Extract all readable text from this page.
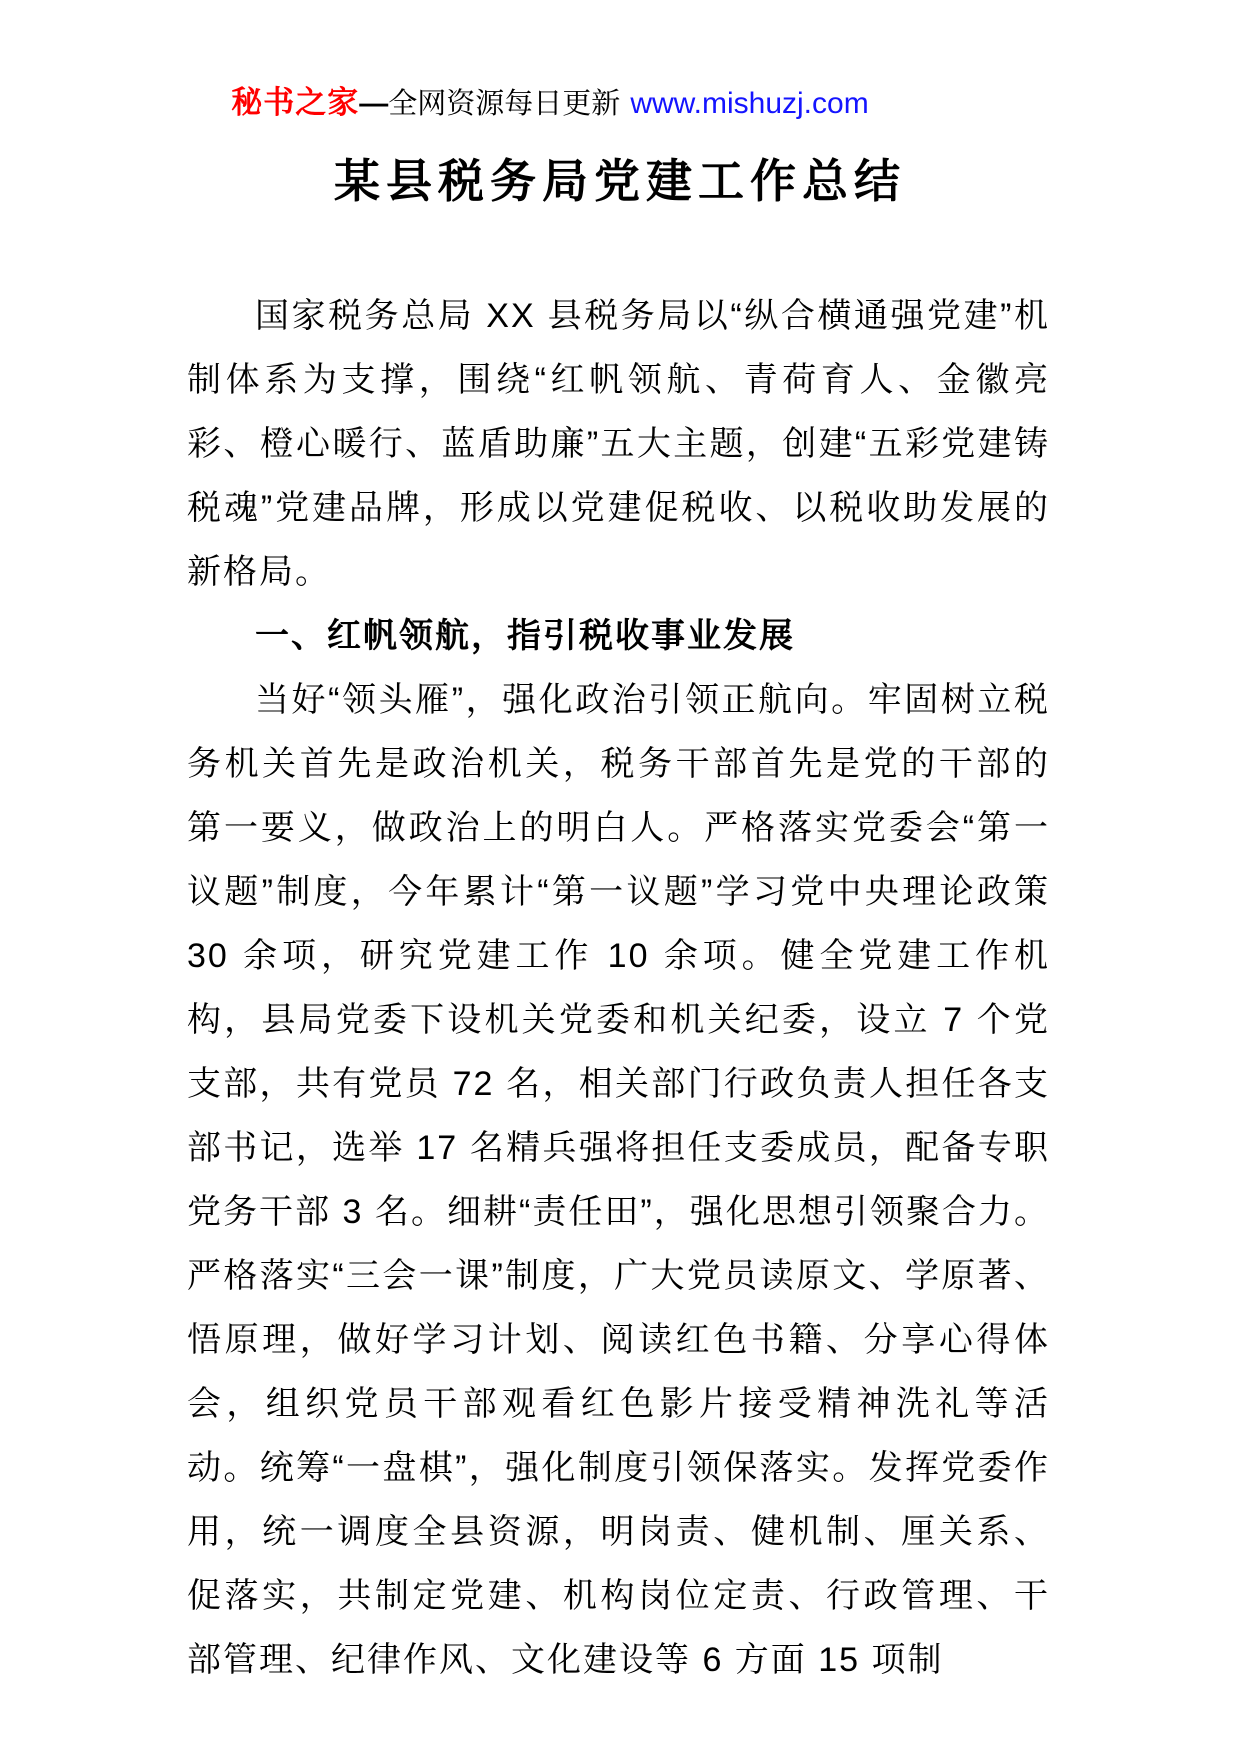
秘书之家—全网资源每日更新 www.mishuzj.com
某县税务局党建工作总结

国家税务总局 XX 县税务局以“纵合横通强党建”机制体系为支撑，围绕“红帆领航、青荷育人、金徽亮彩、橙心暖行、蓝盾助廉”五大主题，创建“五彩党建铸税魂”党建品牌，形成以党建促税收、以税收助发展的新格局。

一、红帆领航，指引税收事业发展

当好“领头雁”，强化政治引领正航向。牢固树立税务机关首先是政治机关，税务干部首先是党的干部的第一要义，做政治上的明白人。严格落实党委会“第一议题”制度，今年累计“第一议题”学习党中央理论政策 30 余项，研究党建工作 10 余项。健全党建工作机构，县局党委下设机关党委和机关纪委，设立 7 个党支部，共有党员 72 名，相关部门行政负责人担任各支部书记，选举 17 名精兵强将担任支委成员，配备专职党务干部 3 名。细耕“责任田”，强化思想引领聚合力。严格落实“三会一课”制度，广大党员读原文、学原著、悟原理，做好学习计划、阅读红色书籍、分享心得体会，组织党员干部观看红色影片接受精神洗礼等活动。统筹“一盘棋”，强化制度引领保落实。发挥党委作用，统一调度全县资源，明岗责、健机制、厘关系、促落实，共制定党建、机构岗位定责、行政管理、干部管理、纪律作风、文化建设等 6 方面 15 项制
